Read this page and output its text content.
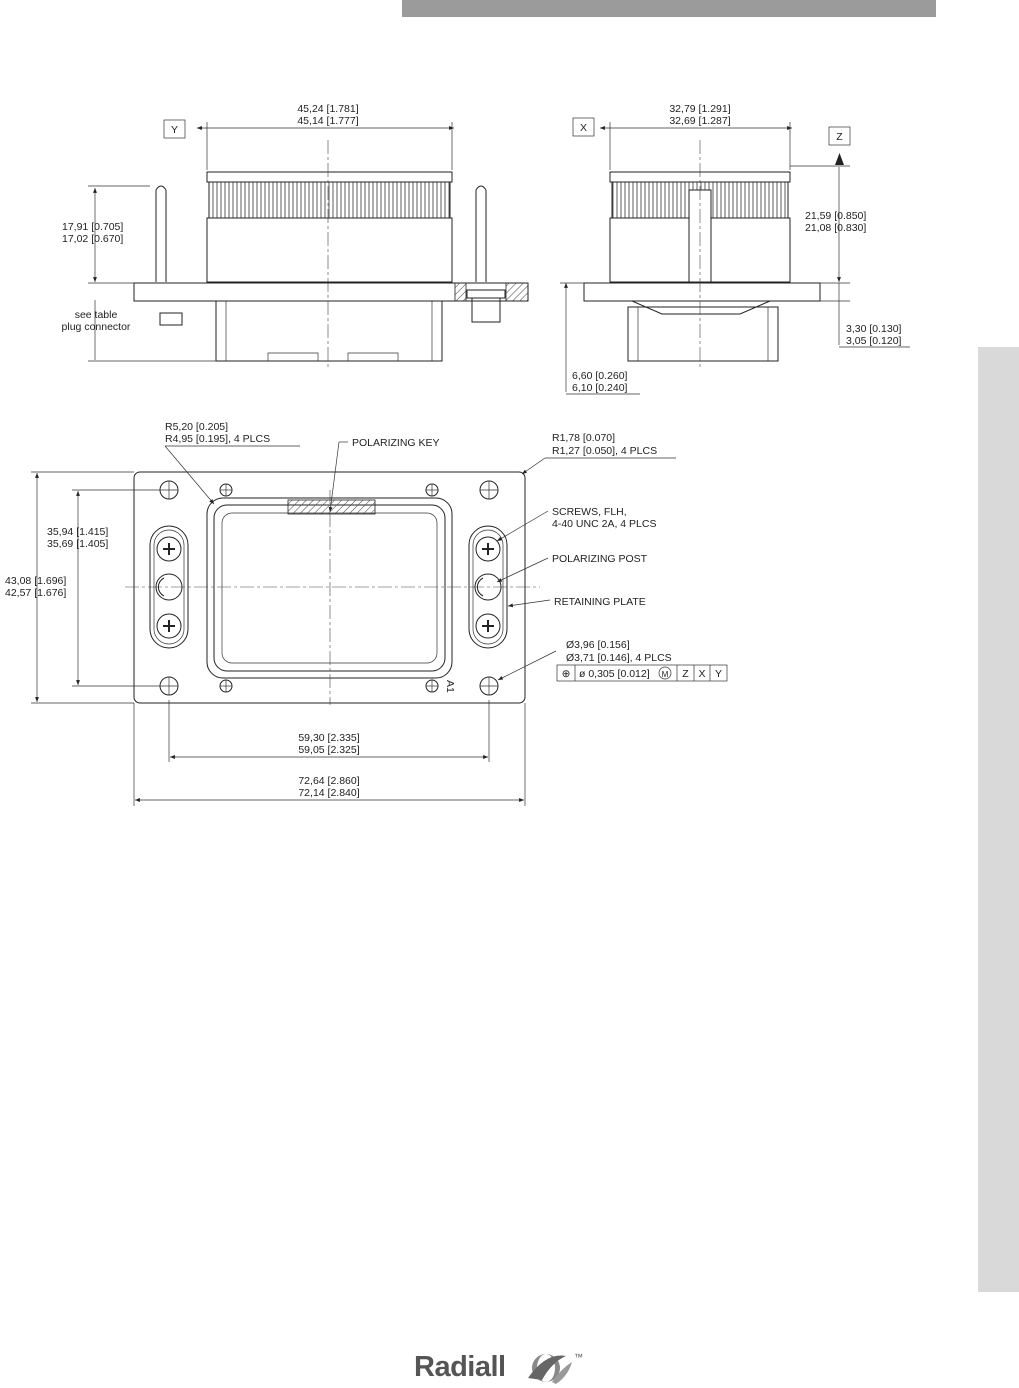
Y
45,24 [1.781]
45,14 [1.777]
17,91 [0.705]
17,02 [0.670]
see table
plug connector
X
32,79 [1.291]
32,69 [1.287]
Z
21,59 [0.850]
21,08 [0.830]
3,30 [0.130]
3,05 [0.120]
6,60 [0.260]
6,10 [0.240]
A1
R5,20 [0.205]
R4,95 [0.195], 4 PLCS	POLARIZING KEY	R1,78 [0.070]
R1,27 [0.050], 4 PLCS
SCREWS, FLH,
4-40 UNC 2A, 4 PLCS
POLARIZING POST
RETAINING PLATE
Ø3,96 [0.156]
Ø3,71 [0.146], 4 PLCS
⊕ ø 0,305 [0.012] M Z X Y
35,94 [1.415]
35,69 [1.405]
43,08 [1.696]
42,57 [1.676]
59,30 [2.335]
59,05 [2.325]
72,64 [2.860]
72,14 [2.840]
Radiall	™
